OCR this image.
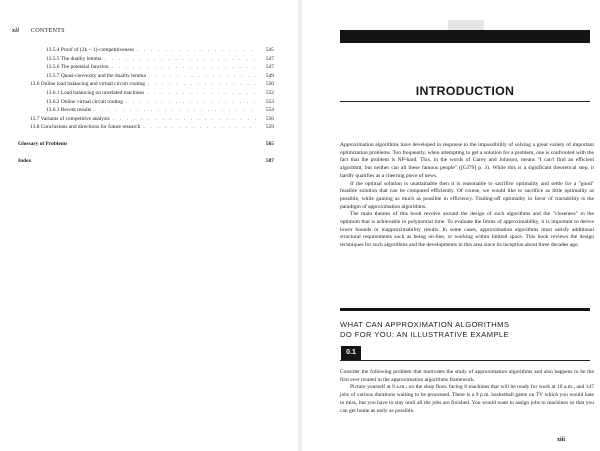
xii CONTENTS
13.5.4 Proof of (2k − 1)-competitiveness . . .	545
13.5.5 The duality lemma . . .	547
13.5.6 The potential function . . .	547
13.5.7 Quasi-convexity and the duality lemma . . .	549
13.6 Online load balancing and virtual circuit routing . . .	550
13.6.1 Load balancing on unrelated machines . . .	552
13.6.2 Online virtual circuit routing . . .	553
13.6.3 Recent results . . .	554
13.7 Variants of competitive analysis . . .	556
13.8 Conclusions and directions for future research . . .	559
Glossary of Problems	565
Index	587
INTRODUCTION

Approximation algorithms have developed in response to the impossibility of solving a great variety of important optimization problems. Too frequently, when attempting to get a solution for a problem, one is confronted with the fact that the problem is NP-hard. This, in the words of Garey and Johnson, means "I can't find an efficient algorithm, but neither can all these famous people" ([GJ79] p. 3). While this is a significant theoretical step, it hardly qualifies as a cheering piece of news.

If the optimal solution is unattainable then it is reasonable to sacrifice optimality and settle for a "good" feasible solution that can be computed efficiently. Of course, we would like to sacrifice as little optimality as possible, while gaining as much as possible in efficiency. Trading-off optimality in favor of tractability is the paradigm of approximation algorithms.

The main themes of this book revolve around the design of such algorithms and the "closeness" to the optimum that is achievable in polynomial time. To evaluate the limits of approximability, it is important to derive lower bounds or inapproximability results. In some cases, approximation algorithms must satisfy additional structural requirements such as being on-line, or working within limited space. This book reviews the design techniques for such algorithms and the developments in this area since its inception about three decades ago.

WHAT CAN APPROXIMATION ALGORITHMS
DO FOR YOU: AN ILLUSTRATIVE EXAMPLE
0.1

Consider the following problem that motivates the study of approximation algorithms and also happens to be the first ever treated in the approximation algorithms framework.

Picture yourself at 9 a.m., on the shop floor, facing 8 machines that will be ready for work at 10 a.m., and 147 jobs of various durations waiting to be processed. There is a 9 p.m. basketball game on TV which you would hate to miss, but you have to stay until all the jobs are finished. You would want to assign jobs to machines so that you can get home as early as possible.

xiii
